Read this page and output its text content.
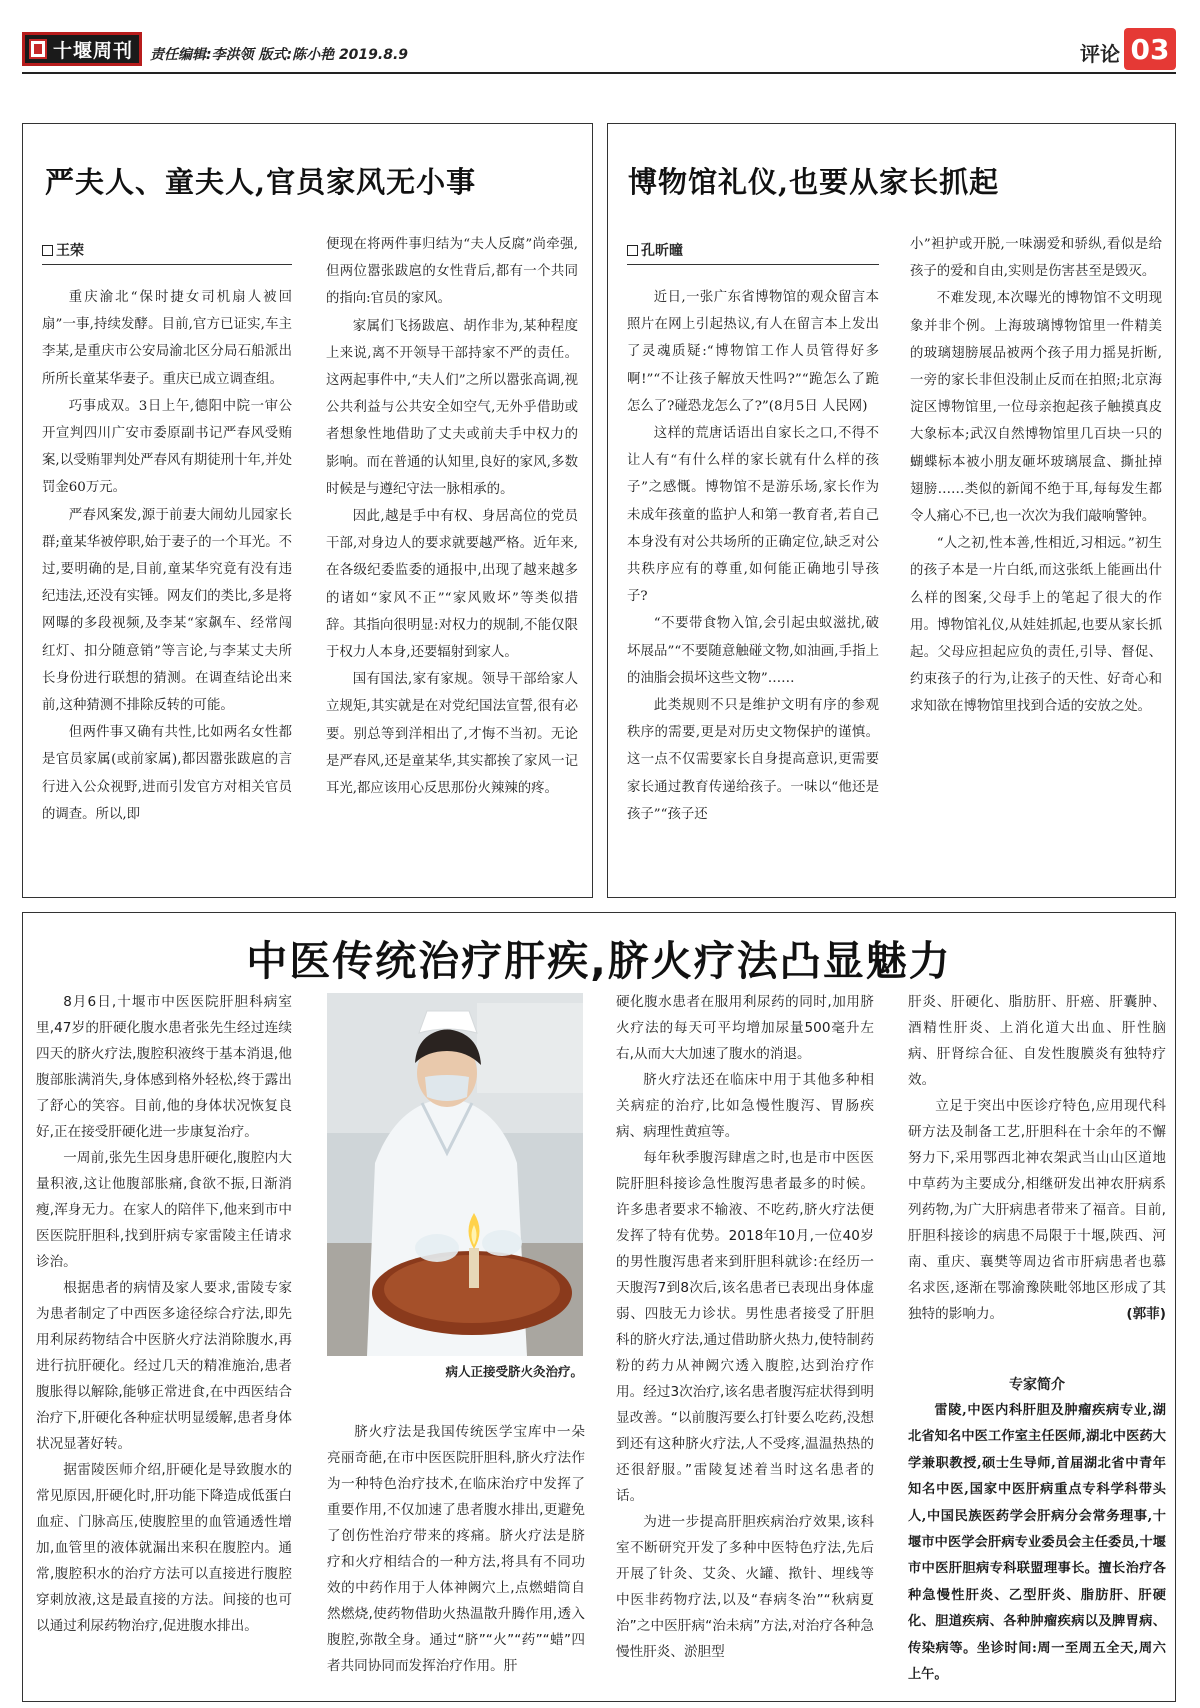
十堰周刊 责任编辑:李洪领 版式:陈小艳 2019.8.9	评论 03
严夫人、童夫人,官员家风无小事
王荣

重庆渝北“保时捷女司机扇人被回扇”一事,持续发酵。目前,官方已证实,车主李某,是重庆市公安局渝北区分局石船派出所所长童某华妻子。重庆已成立调查组。

巧事成双。3日上午,德阳中院一审公开宣判四川广安市委原副书记严春风受贿案,以受贿罪判处严春风有期徒刑十年,并处罚金60万元。

严春风案发,源于前妻大闹幼儿园家长群;童某华被停职,始于妻子的一个耳光。不过,要明确的是,目前,童某华究竟有没有违纪违法,还没有实锤。网友们的类比,多是将网曝的多段视频,及李某“家飙车、经常闯红灯、扣分随意销”等言论,与李某丈夫所长身份进行联想的猜测。在调查结论出来前,这种猜测不排除反转的可能。

但两件事又确有共性,比如两名女性都是官员家属(或前家属),都因嚣张跋扈的言行进入公众视野,进而引发官方对相关官员的调查。所以,即

便现在将两件事归结为“夫人反腐”尚牵强,但两位嚣张跋扈的女性背后,都有一个共同的指向:官员的家风。

家属们飞扬跋扈、胡作非为,某种程度上来说,离不开领导干部持家不严的责任。这两起事件中,“夫人们”之所以嚣张高调,视公共利益与公共安全如空气,无外乎借助或者想象性地借助了丈夫或前夫手中权力的影响。而在普通的认知里,良好的家风,多数时候是与遵纪守法一脉相承的。

因此,越是手中有权、身居高位的党员干部,对身边人的要求就要越严格。近年来,在各级纪委监委的通报中,出现了越来越多的诸如“家风不正”“家风败坏”等类似措辞。其指向很明显:对权力的规制,不能仅限于权力人本身,还要辐射到家人。

国有国法,家有家规。领导干部给家人立规矩,其实就是在对党纪国法宣誓,很有必要。别总等到洋相出了,才悔不当初。无论是严春风,还是童某华,其实都挨了家风一记耳光,都应该用心反思那份火辣辣的疼。

博物馆礼仪,也要从家长抓起
孔昕曈

近日,一张广东省博物馆的观众留言本照片在网上引起热议,有人在留言本上发出了灵魂质疑:“博物馆工作人员管得好多啊!”“不让孩子解放天性吗?”“跪怎么了跪怎么了?碰恐龙怎么了?”(8月5日 人民网)

这样的荒唐话语出自家长之口,不得不让人有“有什么样的家长就有什么样的孩子”之感慨。博物馆不是游乐场,家长作为未成年孩童的监护人和第一教育者,若自己本身没有对公共场所的正确定位,缺乏对公共秩序应有的尊重,如何能正确地引导孩子?

“不要带食物入馆,会引起虫蚁滋扰,破坏展品”“不要随意触碰文物,如油画,手指上的油脂会损坏这些文物”……

此类规则不只是维护文明有序的参观秩序的需要,更是对历史文物保护的谨慎。这一点不仅需要家长自身提高意识,更需要家长通过教育传递给孩子。一味以“他还是孩子”“孩子还

小”袒护或开脱,一味溺爱和骄纵,看似是给孩子的爱和自由,实则是伤害甚至是毁灭。

不难发现,本次曝光的博物馆不文明现象并非个例。上海玻璃博物馆里一件精美的玻璃翅膀展品被两个孩子用力摇晃折断,一旁的家长非但没制止反而在拍照;北京海淀区博物馆里,一位母亲抱起孩子触摸真皮大象标本;武汉自然博物馆里几百块一只的蝴蝶标本被小朋友砸坏玻璃展盒、撕扯掉翅膀……类似的新闻不绝于耳,每每发生都令人痛心不已,也一次次为我们敲响警钟。

“人之初,性本善,性相近,习相远。”初生的孩子本是一片白纸,而这张纸上能画出什么样的图案,父母手上的笔起了很大的作用。博物馆礼仪,从娃娃抓起,也要从家长抓起。父母应担起应负的责任,引导、督促、约束孩子的行为,让孩子的天性、好奇心和求知欲在博物馆里找到合适的安放之处。

中医传统治疗肝疾,脐火疗法凸显魅力

8月6日,十堰市中医医院肝胆科病室里,47岁的肝硬化腹水患者张先生经过连续四天的脐火疗法,腹腔积液终于基本消退,他腹部胀满消失,身体感到格外轻松,终于露出了舒心的笑容。目前,他的身体状况恢复良好,正在接受肝硬化进一步康复治疗。

一周前,张先生因身患肝硬化,腹腔内大量积液,这让他腹部胀痛,食欲不振,日渐消瘦,浑身无力。在家人的陪伴下,他来到市中医医院肝胆科,找到肝病专家雷陵主任请求诊治。

根据患者的病情及家人要求,雷陵专家为患者制定了中西医多途径综合疗法,即先用利尿药物结合中医脐火疗法消除腹水,再进行抗肝硬化。经过几天的精准施治,患者腹胀得以解除,能够正常进食,在中西医结合治疗下,肝硬化各种症状明显缓解,患者身体状况显著好转。

据雷陵医师介绍,肝硬化是导致腹水的常见原因,肝硬化时,肝功能下降造成低蛋白血症、门脉高压,使腹腔里的血管通透性增加,血管里的液体就漏出来积在腹腔内。通常,腹腔积水的治疗方法可以直接进行腹腔穿刺放液,这是最直接的方法。间接的也可以通过利尿药物治疗,促进腹水排出。

病人正接受脐火灸治疗。

脐火疗法是我国传统医学宝库中一朵亮丽奇葩,在市中医医院肝胆科,脐火疗法作为一种特色治疗技术,在临床治疗中发挥了重要作用,不仅加速了患者腹水排出,更避免了创伤性治疗带来的疼痛。脐火疗法是脐疗和火疗相结合的一种方法,将具有不同功效的中药作用于人体神阙穴上,点燃蜡筒自然燃烧,使药物借助火热温散升腾作用,透入腹腔,弥散全身。通过“脐”“火”“药”“蜡”四者共同协同而发挥治疗作用。肝

硬化腹水患者在服用利尿药的同时,加用脐火疗法的每天可平均增加尿量500毫升左右,从而大大加速了腹水的消退。

脐火疗法还在临床中用于其他多种相关病症的治疗,比如急慢性腹泻、胃肠疾病、病理性黄疸等。

每年秋季腹泻肆虐之时,也是市中医医院肝胆科接诊急性腹泻患者最多的时候。许多患者要求不输液、不吃药,脐火疗法便发挥了特有优势。2018年10月,一位40岁的男性腹泻患者来到肝胆科就诊:在经历一天腹泻7到8次后,该名患者已表现出身体虚弱、四肢无力诊状。男性患者接受了肝胆科的脐火疗法,通过借助脐火热力,使特制药粉的药力从神阙穴透入腹腔,达到治疗作用。经过3次治疗,该名患者腹泻症状得到明显改善。“以前腹泻要么打针要么吃药,没想到还有这种脐火疗法,人不受疼,温温热热的还很舒服。”雷陵复述着当时这名患者的话。

为进一步提高肝胆疾病治疗效果,该科室不断研究开发了多种中医特色疗法,先后开展了针灸、艾灸、火罐、揿针、埋线等中医非药物疗法,以及“春病冬治”“秋病夏治”之中医肝病“治未病”方法,对治疗各种急慢性肝炎、淤胆型

肝炎、肝硬化、脂肪肝、肝癌、肝囊肿、酒精性肝炎、上消化道大出血、肝性脑病、肝肾综合征、自发性腹膜炎有独特疗效。

立足于突出中医诊疗特色,应用现代科研方法及制备工艺,肝胆科在十余年的不懈努力下,采用鄂西北神农架武当山山区道地中草药为主要成分,相继研发出神农肝病系列药物,为广大肝病患者带来了福音。目前,肝胆科接诊的病患不局限于十堰,陕西、河南、重庆、襄樊等周边省市肝病患者也慕名求医,逐渐在鄂渝豫陕毗邻地区形成了其独特的影响力。	(郭菲)

专家简介

雷陵,中医内科肝胆及肿瘤疾病专业,湖北省知名中医工作室主任医师,湖北中医药大学兼职教授,硕士生导师,首届湖北省中青年知名中医,国家中医肝病重点专科学科带头人,中国民族医药学会肝病分会常务理事,十堰市中医学会肝病专业委员会主任委员,十堰市中医肝胆病专科联盟理事长。擅长治疗各种急慢性肝炎、乙型肝炎、脂肪肝、肝硬化、胆道疾病、各种肿瘤疾病以及脾胃病、传染病等。坐诊时间:周一至周五全天,周六上午。
